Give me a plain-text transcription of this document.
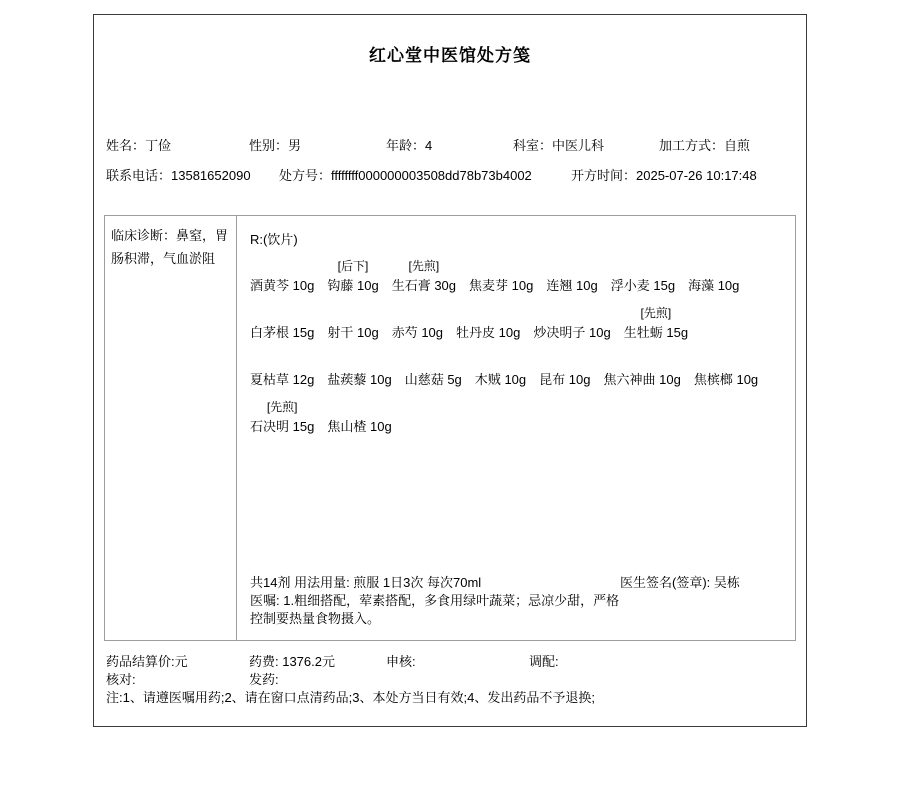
红心堂中医馆处方笺
姓名：丁俭	性别：男	年龄：4	科室：中医儿科	加工方式：自煎
联系电话：13581652090 处方号：ffffffff000000003508dd78b73b4002	开方时间：2025-07-26 10:17:48
临床诊断：鼻窒，胃肠积滞，气血淤阻
R:(饮片)
酒黄芩 10g
[后下]
钩藤 10g
[先煎]
生石膏 30g 焦麦芽 10g 连翘 10g 浮小麦 15g 海藻 10g
白茅根 15g 射干 10g 赤芍 10g 牡丹皮 10g 炒决明子 10g
[先煎]
生牡蛎 15g
夏枯草 12g 盐蒺藜 10g 山慈菇 5g 木贼 10g 昆布 10g 焦六神曲 10g 焦槟榔 10g
[先煎]
石决明 15g 焦山楂 10g
共14剂 用法用量: 煎服 1日3次 每次70ml	医生签名(签章): 吴栋
医嘱: 1.粗细搭配，荤素搭配，多食用绿叶蔬菜；忌凉少甜，严格
控制要热量食物摄入。
药品结算价:元	药费: 1376.2元	申核:	调配:
核对:	发药:
注:1、请遵医嘱用药;2、请在窗口点清药品;3、本处方当日有效;4、发出药品不予退换;
